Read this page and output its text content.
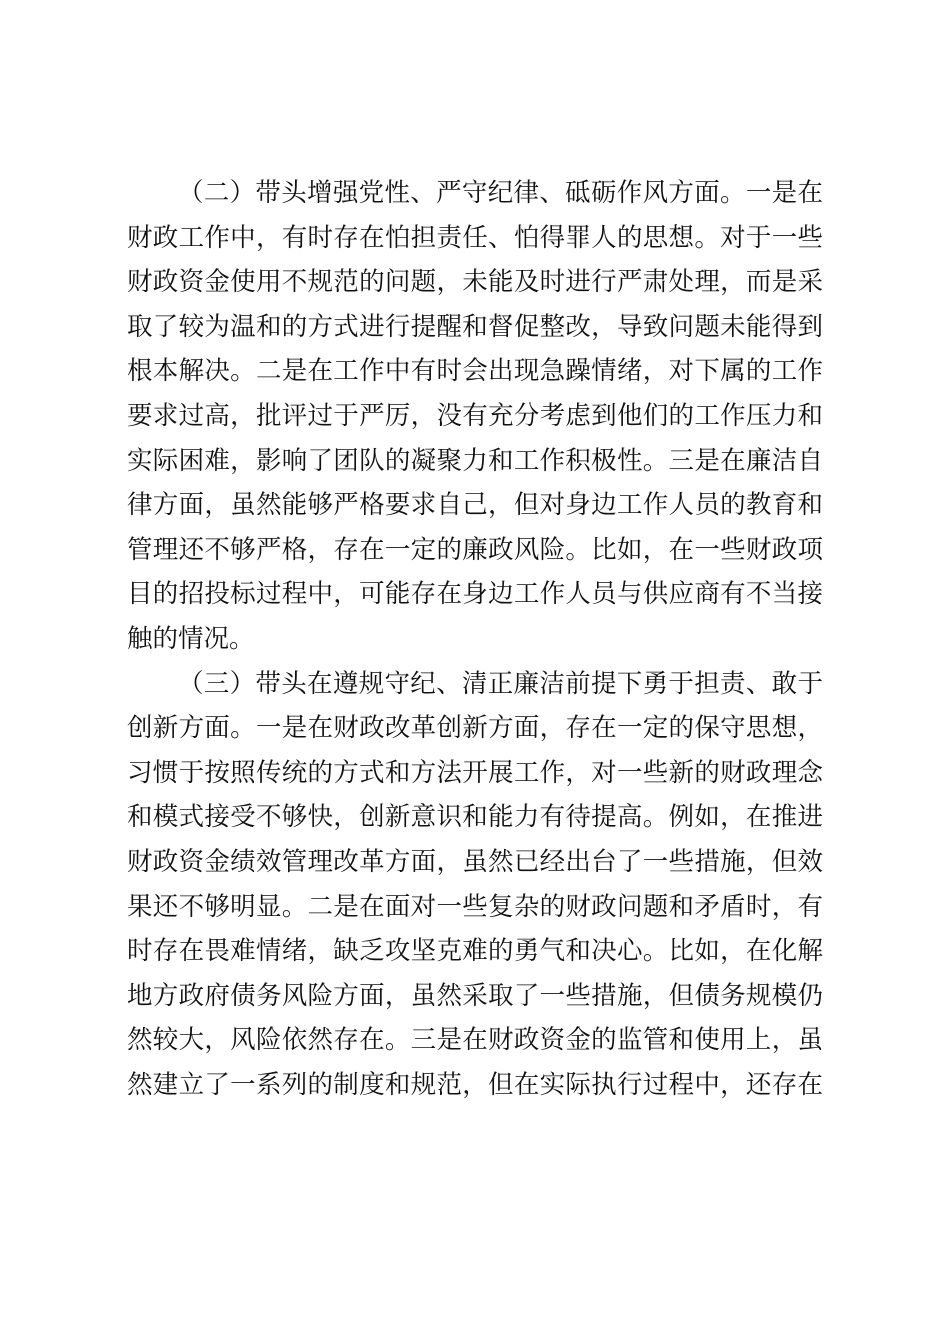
（二）带头增强党性、严守纪律、砥砺作风方面。一是在
财政工作中，有时存在怕担责任、怕得罪人的思想。对于一些
财政资金使用不规范的问题，未能及时进行严肃处理，而是采
取了较为温和的方式进行提醒和督促整改，导致问题未能得到
根本解决。二是在工作中有时会出现急躁情绪，对下属的工作
要求过高，批评过于严厉，没有充分考虑到他们的工作压力和
实际困难，影响了团队的凝聚力和工作积极性。三是在廉洁自
律方面，虽然能够严格要求自己，但对身边工作人员的教育和
管理还不够严格，存在一定的廉政风险。比如，在一些财政项
目的招投标过程中，可能存在身边工作人员与供应商有不当接
触的情况。
（三）带头在遵规守纪、清正廉洁前提下勇于担责、敢于
创新方面。一是在财政改革创新方面，存在一定的保守思想，
习惯于按照传统的方式和方法开展工作，对一些新的财政理念
和模式接受不够快，创新意识和能力有待提高。例如，在推进
财政资金绩效管理改革方面，虽然已经出台了一些措施，但效
果还不够明显。二是在面对一些复杂的财政问题和矛盾时，有
时存在畏难情绪，缺乏攻坚克难的勇气和决心。比如，在化解
地方政府债务风险方面，虽然采取了一些措施，但债务规模仍
然较大，风险依然存在。三是在财政资金的监管和使用上，虽
然建立了一系列的制度和规范，但在实际执行过程中，还存在
